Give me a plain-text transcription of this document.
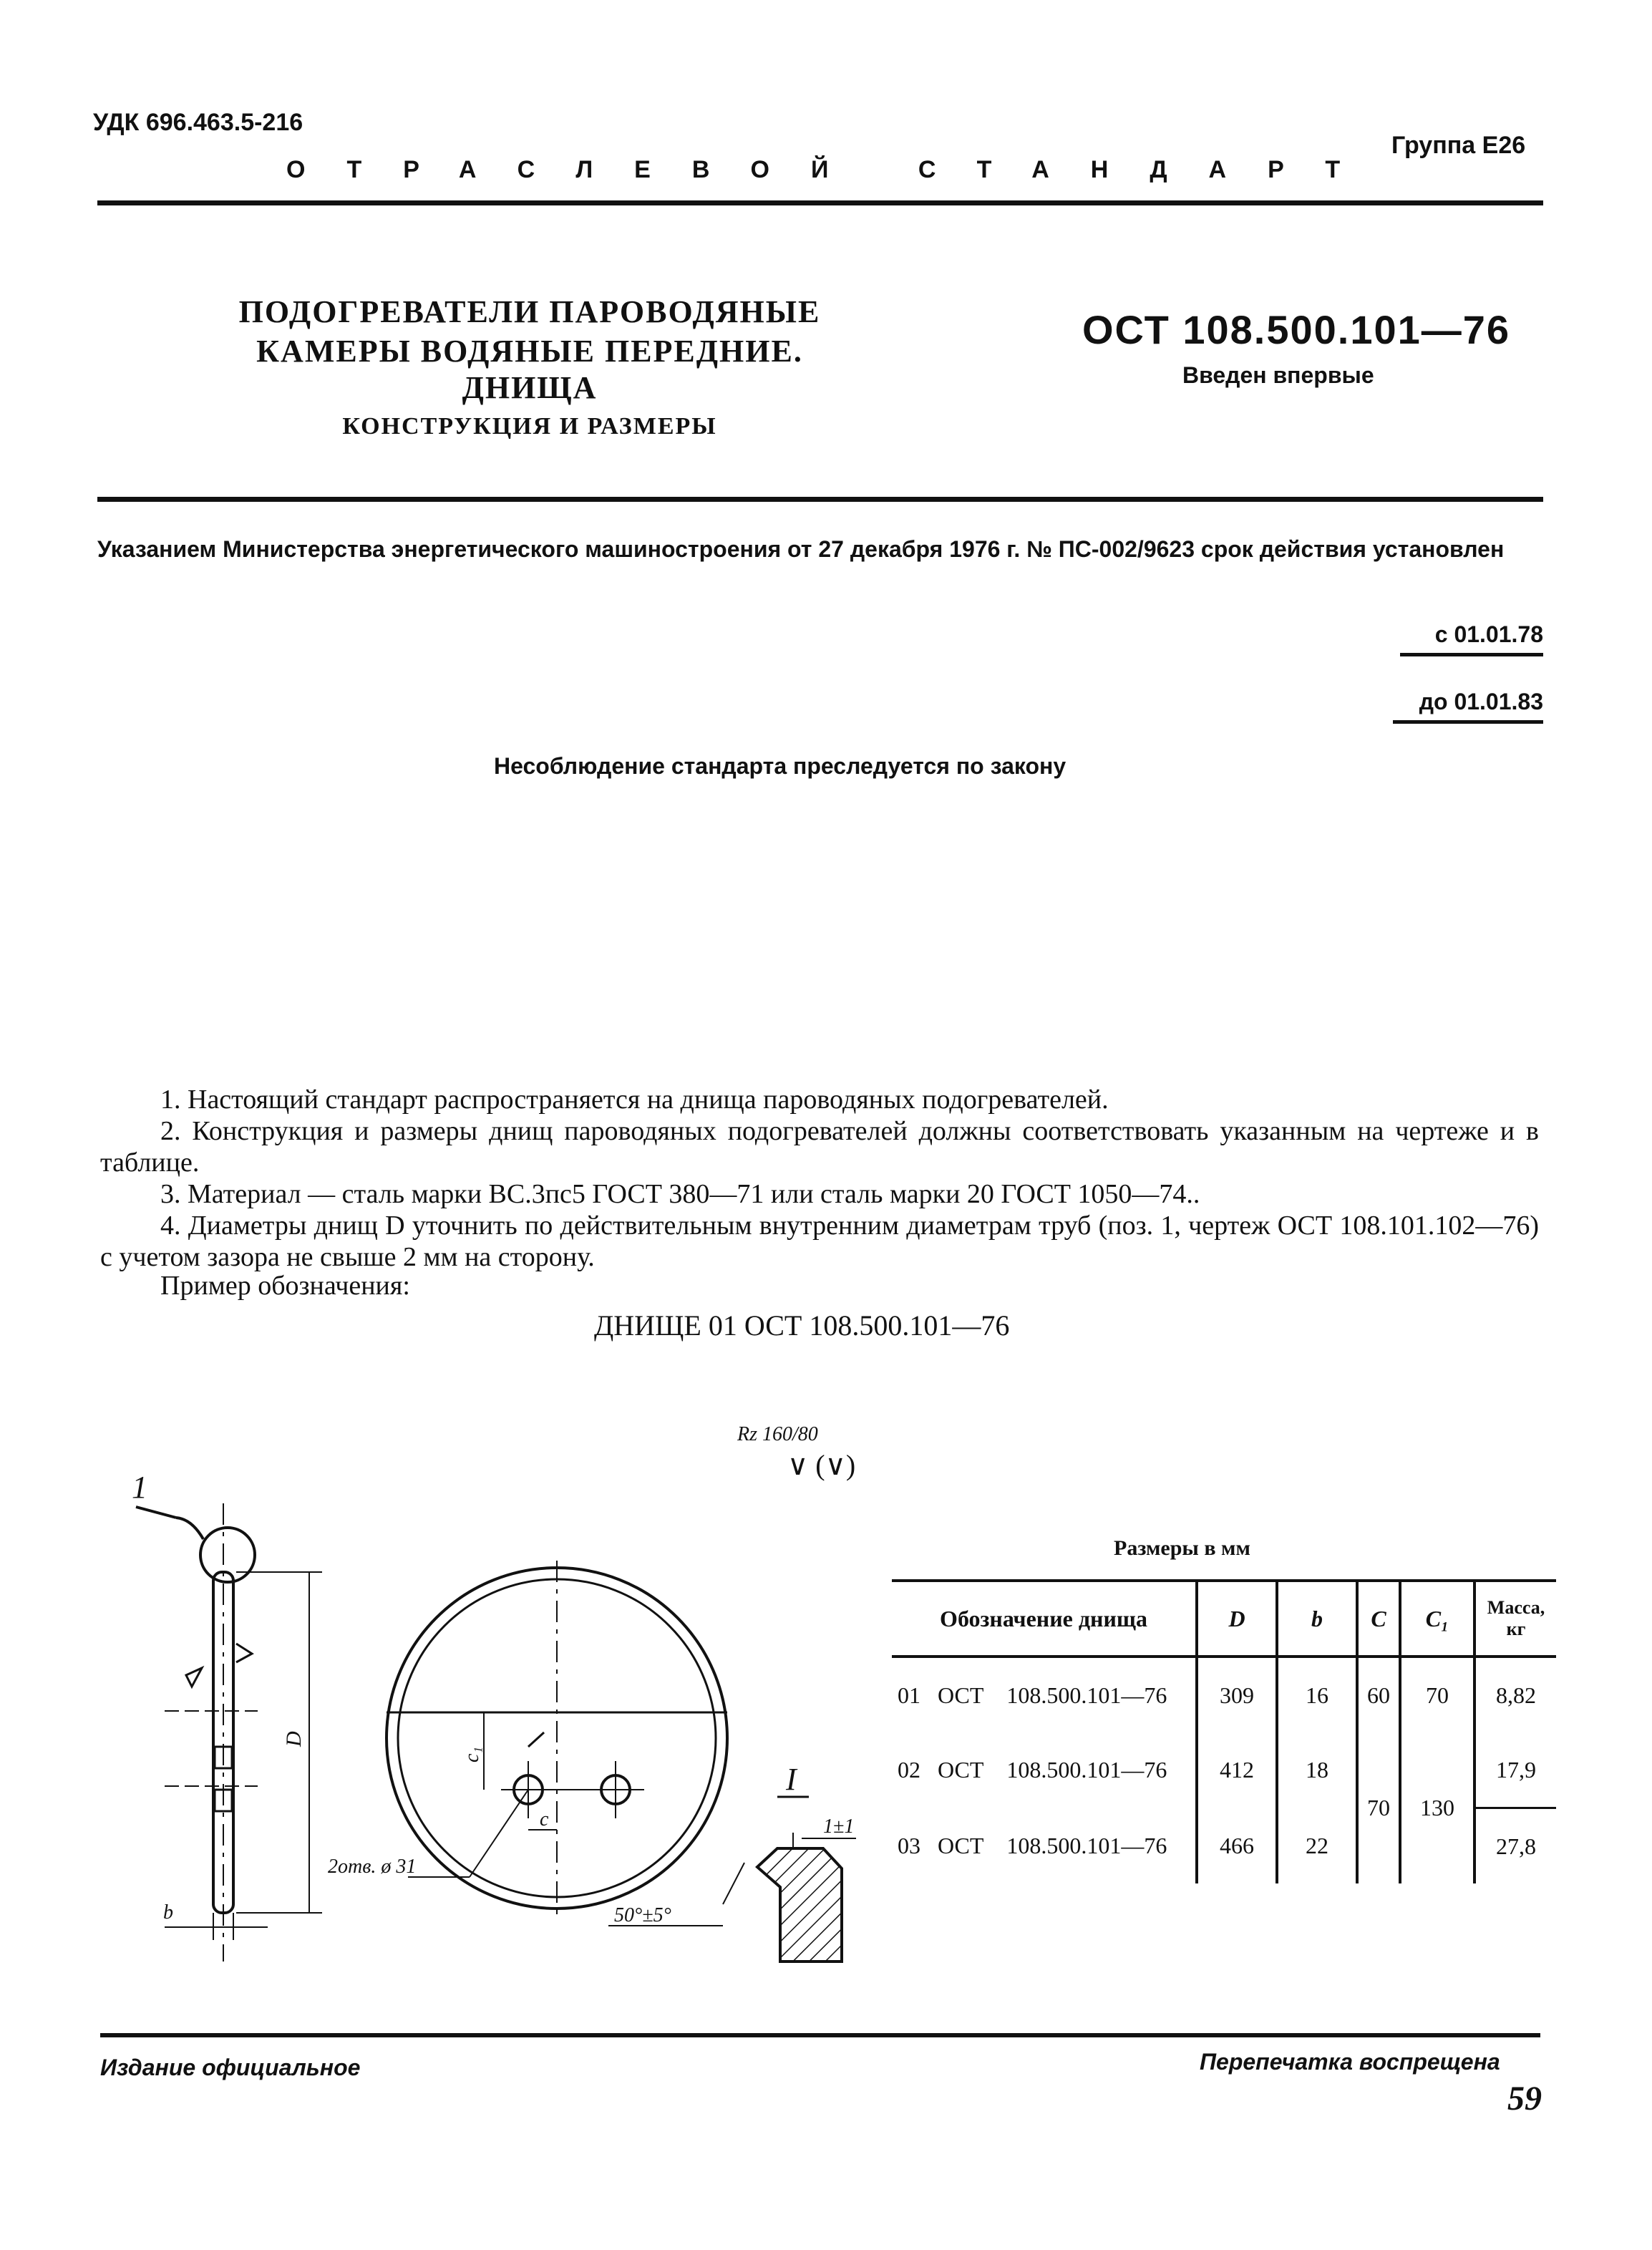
УДК 696.463.5-216
ОТРАСЛЕВОЙ СТАНДАРТ
Группа Е26
ПОДОГРЕВАТЕЛИ ПАРОВОДЯНЫЕ
КАМЕРЫ ВОДЯНЫЕ ПЕРЕДНИЕ. ДНИЩА
КОНСТРУКЦИЯ И РАЗМЕРЫ
ОСТ 108.500.101—76
Введен впервые
Указанием Министерства энергетического машиностроения от 27 декабря 1976 г. № ПС-002/9623 срок действия установлен
с 01.01.78
до 01.01.83
Несоблюдение стандарта преследуется по закону

1. Настоящий стандарт распространяется на днища пароводяных подогревателей.

2. Конструкция и размеры днищ пароводяных подогревателей должны соответствовать указанным на чертеже и в таблице.

3. Материал — сталь марки ВС.3пс5 ГОСТ 380—71 или сталь марки 20 ГОСТ 1050—74..

4. Диаметры днищ D уточнить по действительным внутренним диаметрам труб (поз. 1, чертеж ОСТ 108.101.102—76) с учетом зазора не свыше 2 мм на сторону.

Пример обозначения:
ДНИЩЕ 01 ОСТ 108.500.101—76
Rz 160/80
∨ (∨)
1
D
b
c₁
c
2отв. ø 31
I
1±1
50°±5°
Размеры в мм
Обозначение днища	D	b	C	C₁	Масса, кг
01 ОСТ 108.500.101—76	309	16	60	70	8,82
02 ОСТ 108.500.101—76	412	18	70	130	17,9
03 ОСТ 108.500.101—76	466	22			27,8
Издание официальное	Перепечатка воспрещена
59
